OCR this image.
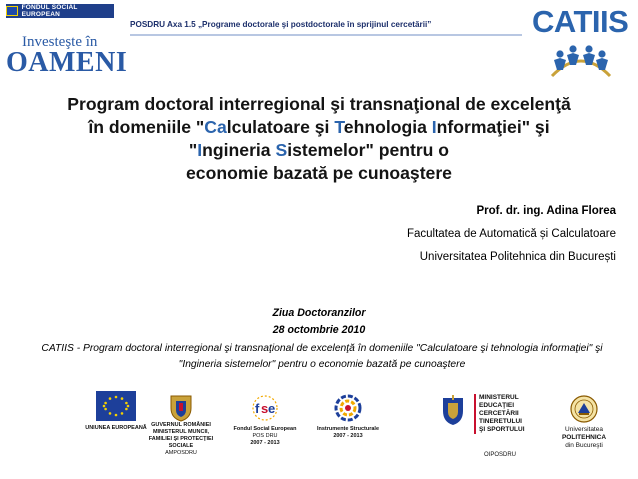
FONDUL SOCIAL EUROPEAN
Investeşte în
OAMENI
POSDRU Axa 1.5 „Programe doctorale şi postdoctorale în sprijinul cercetării”	CATIIS
Program doctoral interregional şi transnaţional de excelenţă
în domeniile "Calculatoare şi Tehnologia Informaţiei" şi
"Ingineria Sistemelor" pentru o
economie bazată pe cunoaştere
Prof. dr. ing. Adina Florea
Facultatea de Automatică și Calculatoare
Universitatea Politehnica din București
Ziua Doctoranzilor
28 octombrie 2010
CATIIS - Program doctoral interregional şi transnaţional de excelenţă în domeniile "Calculatoare şi tehnologia informaţiei" şi "Ingineria sistemelor" pentru o economie bazată pe cunoaştere
UNIUNEA EUROPEANĂ GUVERNUL ROMÂNIEI
MINISTERUL MUNCII,
FAMILIEI ŞI PROTECŢIEI
SOCIALE
AMPOSDRU
f s e
Fondul Social European
POS DRU
2007 - 2013
Instrumente Structurale
2007 - 2013
MINISTERUL
EDUCAŢIEI
CERCETĂRII
TINERETULUI
ŞI SPORTULUI
OIPOSDRU
Universitatea
POLITEHNICA
din Bucureşti
